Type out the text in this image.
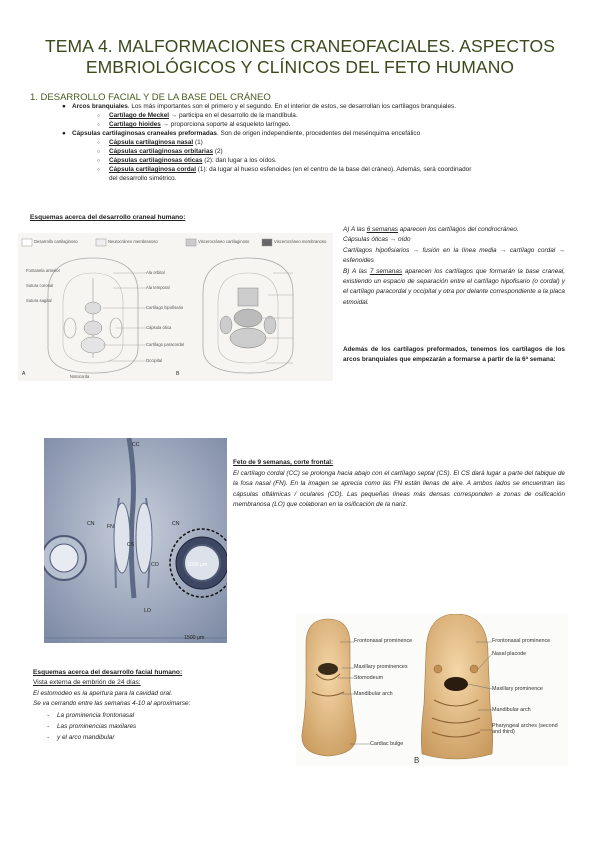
TEMA 4. MALFORMACIONES CRANEOFACIALES. ASPECTOS
EMBRIOLÓGICOS Y CLÍNICOS DEL FETO HUMANO
1. DESARROLLO FACIAL Y DE LA BASE DEL CRÁNEO
● Arcos branquiales. Los más importantes son el primero y el segundo. En el interior de estos, se desarrollan los cartílagos branquiales.
○ Cartílago de Meckel → participa en el desarrollo de la mandíbula.
○ Cartílago hioides → proporciona soporte al esqueleto laríngeo.
● Cápsulas cartilaginosas craneales preformadas. Son de origen independiente, procedentes del mesénquima encefálico
○ Cápsula cartilaginosa nasal (1)
○ Cápsulas cartilaginosas orbitarias (2)
○ Cápsulas cartilaginosas óticas (2): dan lugar a los oídos.
○ Cápsula cartilaginosa cordal (1): da lugar al hueso esfenoides (en el centro de la base del cráneo). Además, será coordinador
del desarrollo simétrico.
Esquemas acerca del desarrollo craneal humano:
Desarrollo cartilaginoso	Neurocráneo membranoso	Viscerocráneo cartilaginoso	Viscerocráneo membranoso
Fontanela anterior
Sutura coronal
Sutura sagital
Ala orbital
Ala temporal
Cartílago hipofisario
Cápsula ótica
Cartílago paracordal
Occipital
A	Notocorda	B
A) A las 6 semanas aparecen los cartílagos del condrocráneo.
Cápsulas óticas → oído
Cartílagos hipofisiarios → fusión en la línea media → cartílago cordal → esfenoides
B) A las 7 semanas aparecen los cartílagos que formarán la base craneal, existiendo un espacio de separación entre el cartílago hipofisario (o cordal) y el cartílago paracordal y occipital y otra por delante correspondiente a la placa etmoidal.
Además de los cartílagos preformados, tenemos los cartílagos de los arcos branquiales que empezarán a formarse a partir de la 6ª semana:
CC
CN FN
CS
CO
CN
LO
1000 μm
1500 μm
Feto de 9 semanas, corte frontal:
El cartílago cordal (CC) se prolonga hacia abajo con el cartílago septal (CS). El CS dará lugar a parte del tabique de la fosa nasal (FN). En la imagen se aprecia como las FN están llenas de aire. A ambos lados se encuentran las cápsulas oftálmicas / oculares (CO). Las pequeñas líneas más densas corresponden a zonas de osificación membranosa (LO) que colaboran en la osificación de la nariz.
Esquemas acerca del desarrollo facial humano:
Vista externa de embrión de 24 días:
El estomodeo es la apertura para la cavidad oral.
Se va cerrando entre las semanas 4-10 al aproximarse:
- La prominencia frontonasal
- Las prominencias maxilares
- y el arco mandibular
Frontonasal prominence
Maxillary prominences
Stomodeum
Mandibular arch
Cardiac bulge
Frontonasal prominence
Nasal placode
Maxillary prominence
Mandibular arch
Pharyngeal arches (second and third)
B
